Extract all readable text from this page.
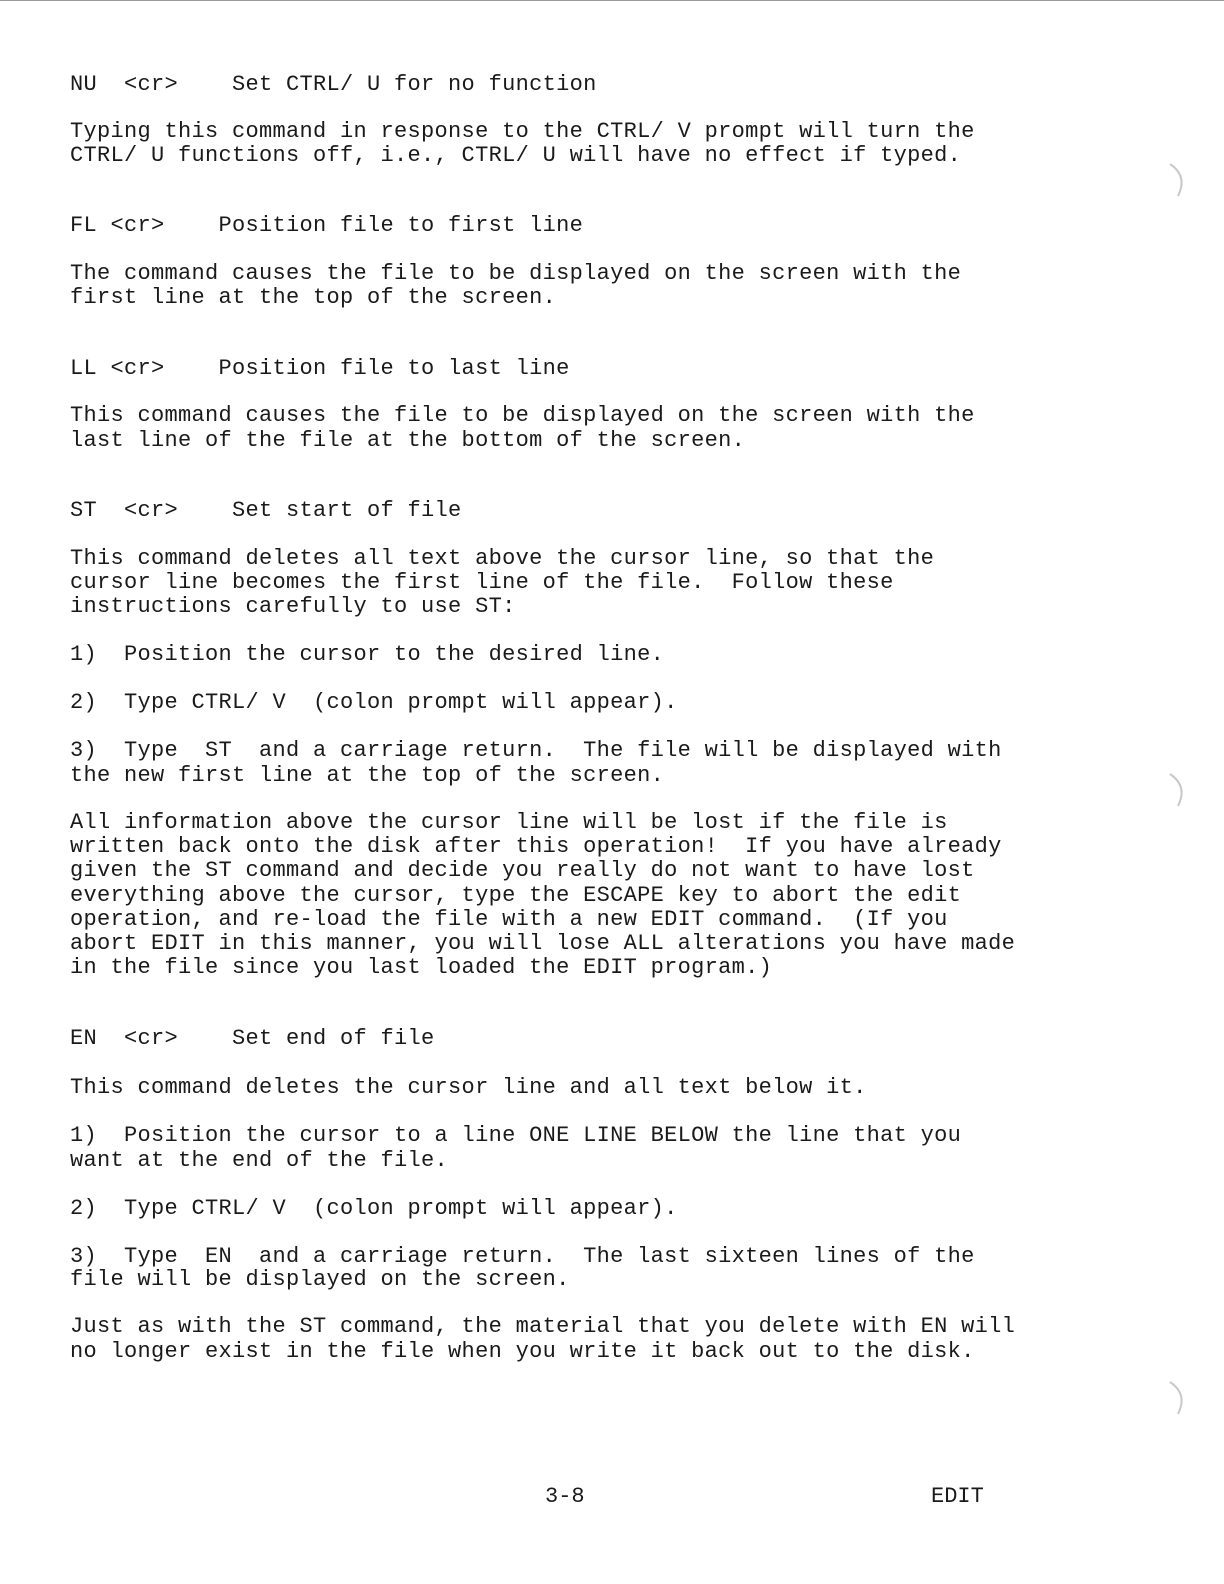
NU  <cr>    Set CTRL/ U for no function
Typing this command in response to the CTRL/ V prompt will turn the
CTRL/ U functions off, i.e., CTRL/ U will have no effect if typed.
FL <cr>    Position file to first line
The command causes the file to be displayed on the screen with the
first line at the top of the screen.
LL <cr>    Position file to last line
This command causes the file to be displayed on the screen with the
last line of the file at the bottom of the screen.
ST  <cr>    Set start of file
This command deletes all text above the cursor line, so that the
cursor line becomes the first line of the file.  Follow these
instructions carefully to use ST:
1)  Position the cursor to the desired line.
2)  Type CTRL/ V  (colon prompt will appear).
3)  Type  ST  and a carriage return.  The file will be displayed with
the new first line at the top of the screen.
All information above the cursor line will be lost if the file is
written back onto the disk after this operation!  If you have already
given the ST command and decide you really do not want to have lost
everything above the cursor, type the ESCAPE key to abort the edit
operation, and re-load the file with a new EDIT command.  (If you
abort EDIT in this manner, you will lose ALL alterations you have made
in the file since you last loaded the EDIT program.)
EN  <cr>    Set end of file
This command deletes the cursor line and all text below it.
1)  Position the cursor to a line ONE LINE BELOW the line that you
want at the end of the file.
2)  Type CTRL/ V  (colon prompt will appear).
3)  Type  EN  and a carriage return.  The last sixteen lines of the
file will be displayed on the screen.
Just as with the ST command, the material that you delete with EN will
no longer exist in the file when you write it back out to the disk.
3-8	EDIT
